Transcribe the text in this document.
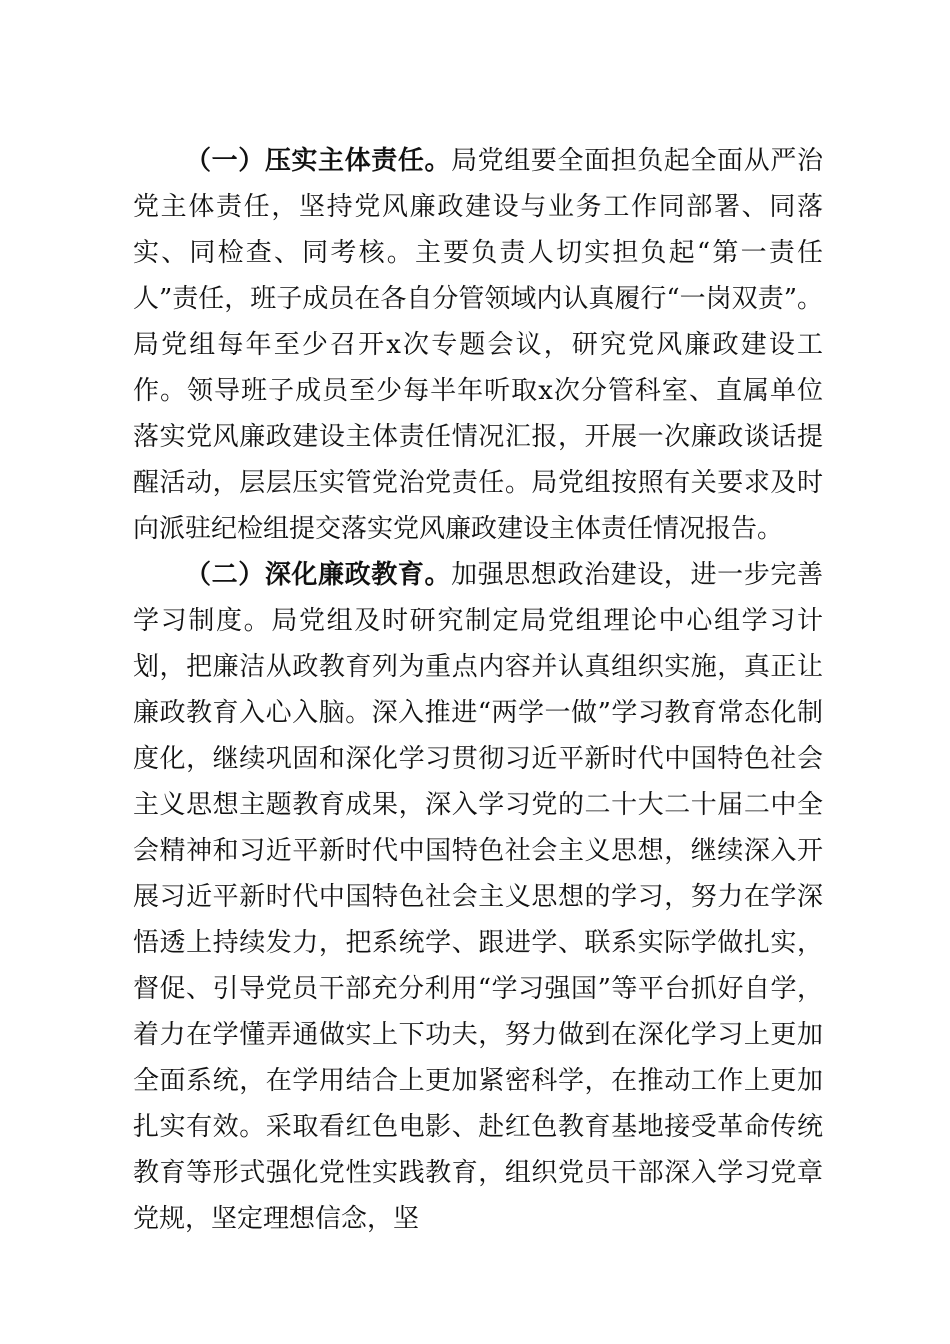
（一）压实主体责任。局党组要全面担负起全面从严治党主体责任，坚持党风廉政建设与业务工作同部署、同落实、同检查、同考核。主要负责人切实担负起“第一责任人”责任，班子成员在各自分管领域内认真履行“一岗双责”。局党组每年至少召开x次专题会议，研究党风廉政建设工作。领导班子成员至少每半年听取x次分管科室、直属单位落实党风廉政建设主体责任情况汇报，开展一次廉政谈话提醒活动，层层压实管党治党责任。局党组按照有关要求及时向派驻纪检组提交落实党风廉政建设主体责任情况报告。

（二）深化廉政教育。加强思想政治建设，进一步完善学习制度。局党组及时研究制定局党组理论中心组学习计划，把廉洁从政教育列为重点内容并认真组织实施，真正让廉政教育入心入脑。深入推进“两学一做”学习教育常态化制度化，继续巩固和深化学习贯彻习近平新时代中国特色社会主义思想主题教育成果，深入学习党的二十大二十届二中全会精神和习近平新时代中国特色社会主义思想，继续深入开展习近平新时代中国特色社会主义思想的学习，努力在学深悟透上持续发力，把系统学、跟进学、联系实际学做扎实，督促、引导党员干部充分利用“学习强国”等平台抓好自学，着力在学懂弄通做实上下功夫，努力做到在深化学习上更加全面系统，在学用结合上更加紧密科学，在推动工作上更加扎实有效。采取看红色电影、赴红色教育基地接受革命传统教育等形式强化党性实践教育，组织党员干部深入学习党章党规，坚定理想信念，坚
